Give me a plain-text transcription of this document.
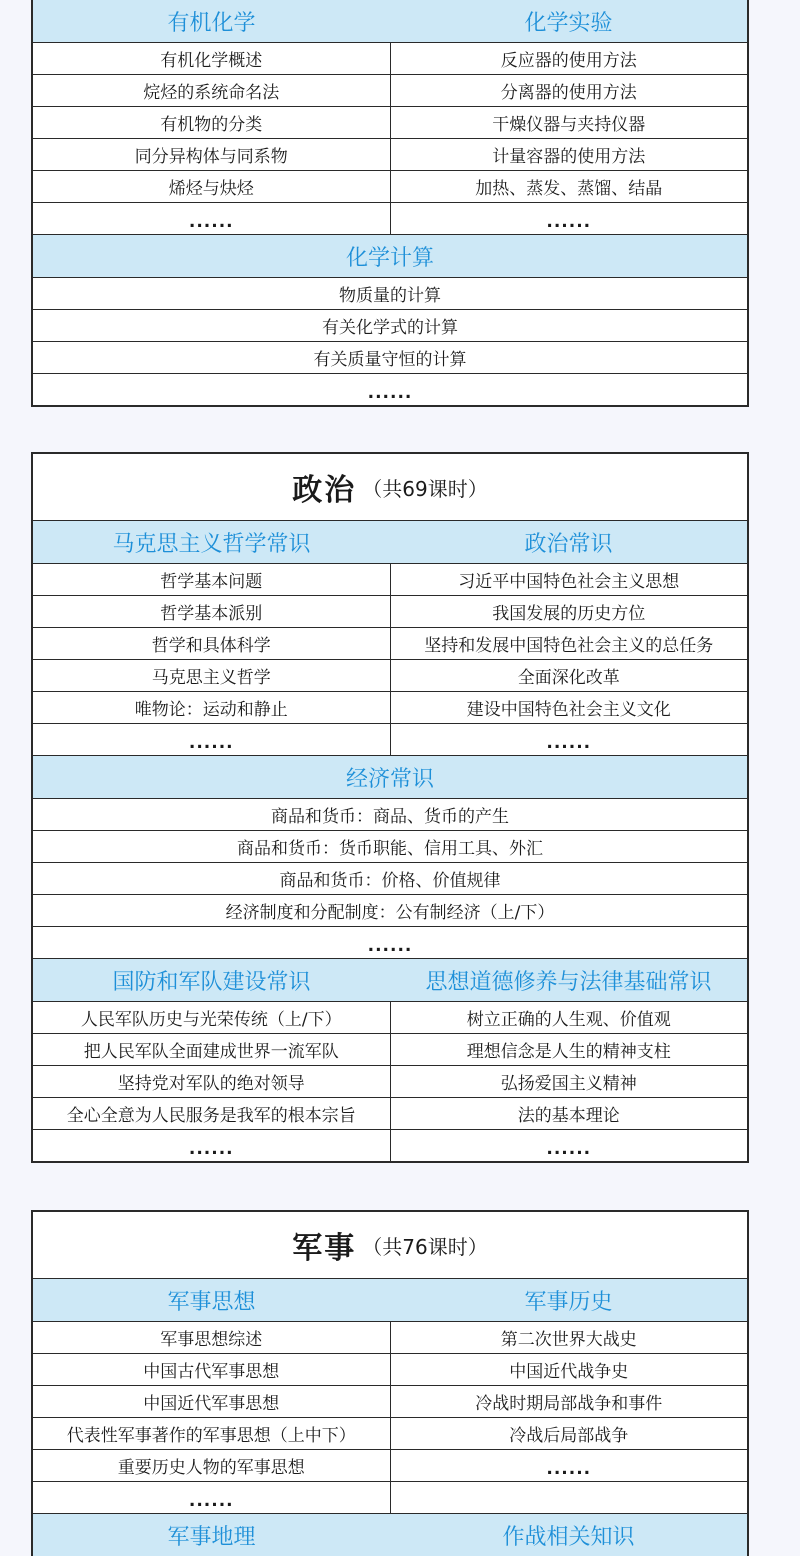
有机化学	化学实验
有机化学概述	反应器的使用方法
烷烃的系统命名法	分离器的使用方法
有机物的分类	干燥仪器与夹持仪器
同分异构体与同系物	计量容器的使用方法
烯烃与炔烃	加热、蒸发、蒸馏、结晶
......	......
化学计算
物质量的计算
有关化学式的计算
有关质量守恒的计算
......
政治 （共69课时）
马克思主义哲学常识	政治常识
哲学基本问题	习近平中国特色社会主义思想
哲学基本派别	我国发展的历史方位
哲学和具体科学	坚持和发展中国特色社会主义的总任务
马克思主义哲学	全面深化改革
唯物论：运动和静止	建设中国特色社会主义文化
......	......
经济常识
商品和货币：商品、货币的产生
商品和货币：货币职能、信用工具、外汇
商品和货币：价格、价值规律
经济制度和分配制度：公有制经济（上/下）
......
国防和军队建设常识	思想道德修养与法律基础常识
人民军队历史与光荣传统（上/下）	树立正确的人生观、价值观
把人民军队全面建成世界一流军队	理想信念是人生的精神支柱
坚持党对军队的绝对领导	弘扬爱国主义精神
全心全意为人民服务是我军的根本宗旨	法的基本理论
......	......
军事 （共76课时）
军事思想	军事历史
军事思想综述	第二次世界大战史
中国古代军事思想	中国近代战争史
中国近代军事思想	冷战时期局部战争和事件
代表性军事著作的军事思想（上中下）	冷战后局部战争
重要历史人物的军事思想	......
......
军事地理	作战相关知识
